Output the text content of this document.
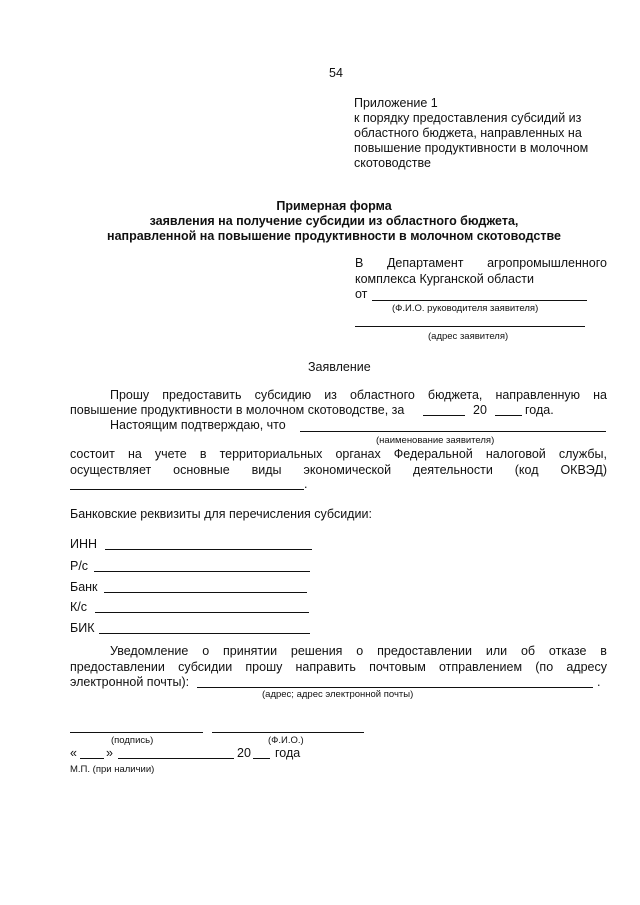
54
Приложение 1
к порядку предоставления субсидий из
областного бюджета, направленных на
повышение продуктивности в молочном
скотоводстве
Примерная форма
заявления на получение субсидии из областного бюджета,
направленной на повышение продуктивности в молочном скотоводстве
В Департамент агропромышленного
комплекса Курганской области
от
(Ф.И.О. руководителя заявителя)
(адрес заявителя)
Заявление
Прошу предоставить субсидию из областного бюджета, направленную на
повышение продуктивности в молочном скотоводстве, за	20	года.
Настоящим подтверждаю, что
(наименование заявителя)
состоит на учете в территориальных органах Федеральной налоговой службы,
осуществляет основные виды экономической деятельности (код ОКВЭД)
.
Банковские реквизиты для перечисления субсидии:
ИНН
Р/с
Банк
К/с
БИК
Уведомление о принятии решения о предоставлении или об отказе в
предоставлении субсидии прошу направить почтовым отправлением (по адресу
электронной почты):	.
(адрес; адрес электронной почты)
(подпись)	(Ф.И.О.)
« »	20 года
М.П. (при наличии)
